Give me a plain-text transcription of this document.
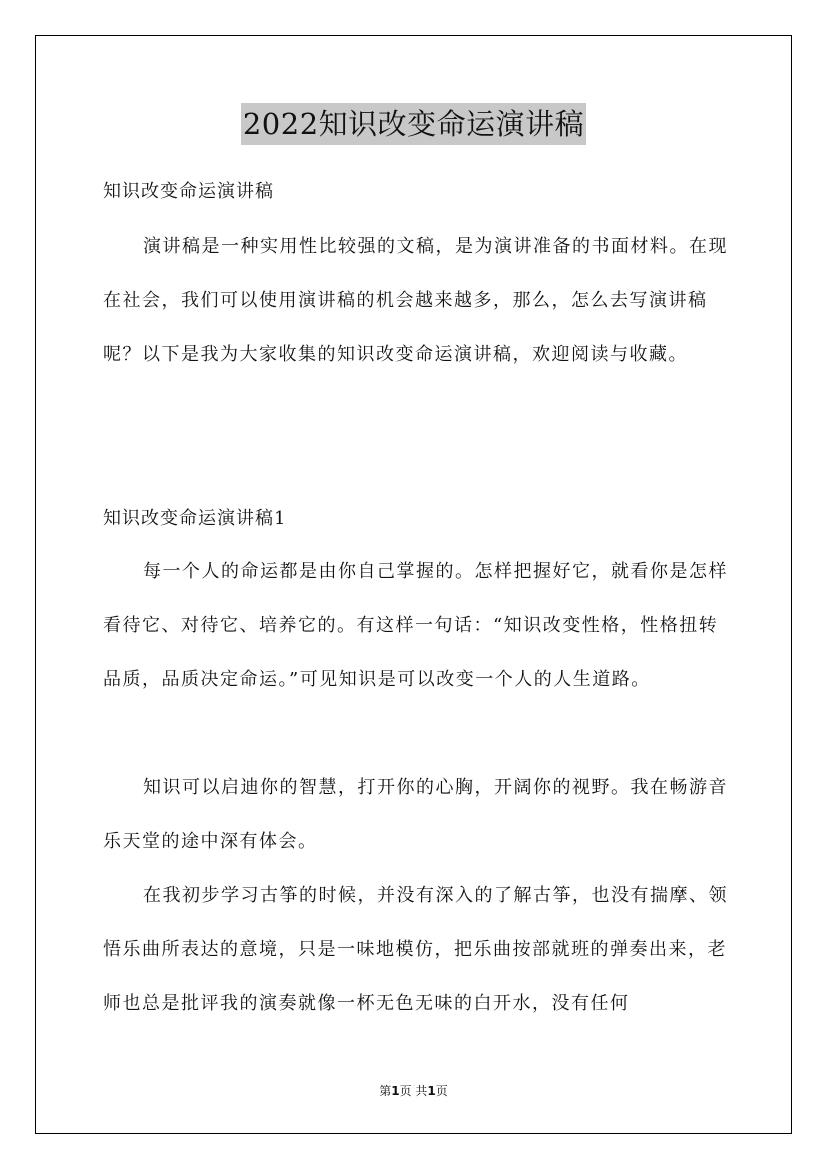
2022知识改变命运演讲稿
知识改变命运演讲稿
演讲稿是一种实用性比较强的文稿，是为演讲准备的书面材料。在现在社会，我们可以使用演讲稿的机会越来越多，那么，怎么去写演讲稿呢？以下是我为大家收集的知识改变命运演讲稿，欢迎阅读与收藏。
知识改变命运演讲稿1
每一个人的命运都是由你自己掌握的。怎样把握好它，就看你是怎样看待它、对待它、培养它的。有这样一句话：“知识改变性格，性格扭转品质，品质决定命运。”可见知识是可以改变一个人的人生道路。
知识可以启迪你的智慧，打开你的心胸，开阔你的视野。我在畅游音乐天堂的途中深有体会。
在我初步学习古筝的时候，并没有深入的了解古筝，也没有揣摩、领悟乐曲所表达的意境，只是一味地模仿，把乐曲按部就班的弹奏出来，老师也总是批评我的演奏就像一杯无色无味的白开水，没有任何
第1页 共1页
